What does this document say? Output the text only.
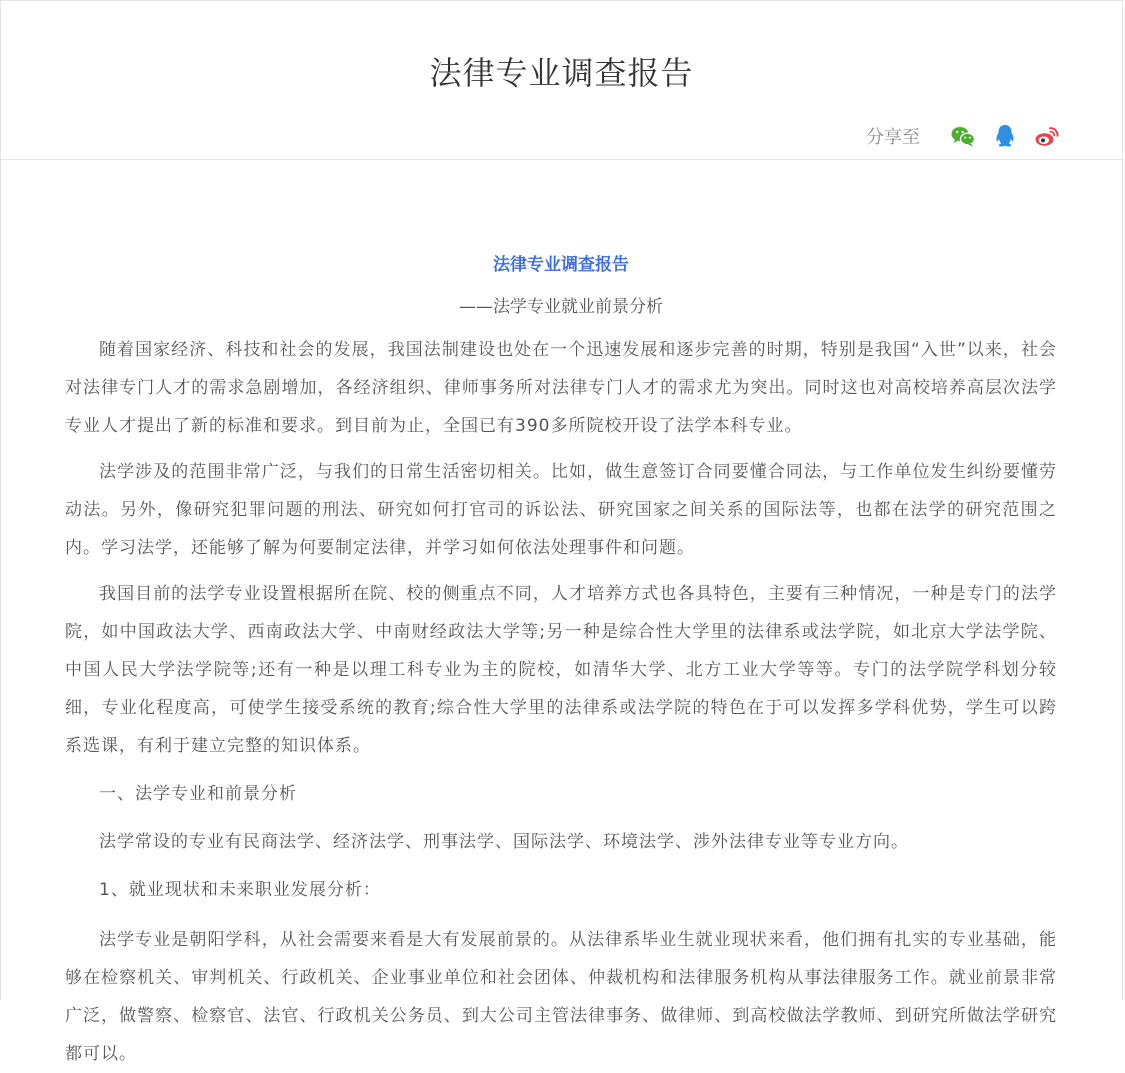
法律专业调查报告
分享至

法律专业调查报告

——法学专业就业前景分析

随着国家经济、科技和社会的发展，我国法制建设也处在一个迅速发展和逐步完善的时期，特别是我国“入世”以来，社会对法律专门人才的需求急剧增加，各经济组织、律师事务所对法律专门人才的需求尤为突出。同时这也对高校培养高层次法学专业人才提出了新的标准和要求。到目前为止，全国已有390多所院校开设了法学本科专业。

法学涉及的范围非常广泛，与我们的日常生活密切相关。比如，做生意签订合同要懂合同法，与工作单位发生纠纷要懂劳动法。另外，像研究犯罪问题的刑法、研究如何打官司的诉讼法、研究国家之间关系的国际法等，也都在法学的研究范围之内。学习法学，还能够了解为何要制定法律，并学习如何依法处理事件和问题。

我国目前的法学专业设置根据所在院、校的侧重点不同，人才培养方式也各具特色，主要有三种情况，一种是专门的法学院，如中国政法大学、西南政法大学、中南财经政法大学等;另一种是综合性大学里的法律系或法学院，如北京大学法学院、中国人民大学法学院等;还有一种是以理工科专业为主的院校，如清华大学、北方工业大学等等。专门的法学院学科划分较细，专业化程度高，可使学生接受系统的教育;综合性大学里的法律系或法学院的特色在于可以发挥多学科优势，学生可以跨系选课，有利于建立完整的知识体系。

一、法学专业和前景分析

法学常设的专业有民商法学、经济法学、刑事法学、国际法学、环境法学、涉外法律专业等专业方向。

1、就业现状和未来职业发展分析：

法学专业是朝阳学科，从社会需要来看是大有发展前景的。从法律系毕业生就业现状来看，他们拥有扎实的专业基础，能够在检察机关、审判机关、行政机关、企业事业单位和社会团体、仲裁机构和法律服务机构从事法律服务工作。就业前景非常广泛，做警察、检察官、法官、行政机关公务员、到大公司主管法律事务、做律师、到高校做法学教师、到研究所做法学研究都可以。
